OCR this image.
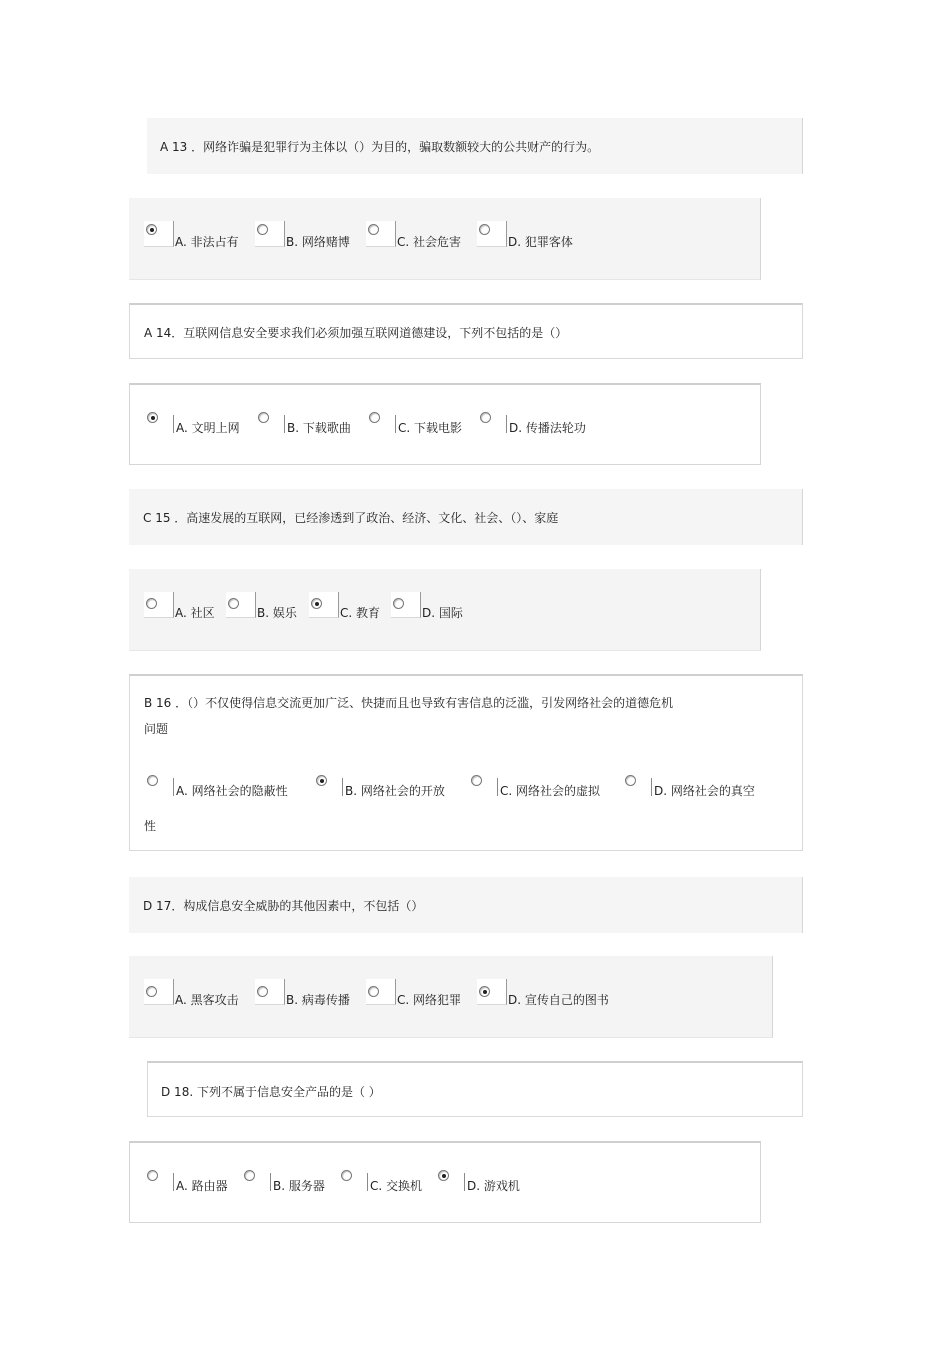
A 13 ．网络诈骗是犯罪行为主体以（）为目的，骗取数额较大的公共财产的行为。
A. 非法占有	B. 网络赌博	C. 社会危害	D. 犯罪客体
A 14．互联网信息安全要求我们必须加强互联网道德建设，下列不包括的是（）
A. 文明上网	B. 下载歌曲	C. 下载电影	D. 传播法轮功
C 15 ．高速发展的互联网，已经渗透到了政治、经济、文化、社会、（）、家庭
A. 社区	B. 娱乐	C. 教育	D. 国际
B 16 ．（）不仅使得信息交流更加广泛、快捷而且也导致有害信息的泛滥，引发网络社会的道德危机
问题
A. 网络社会的隐蔽性	B. 网络社会的开放	C. 网络社会的虚拟	D. 网络社会的真空
性
D 17．构成信息安全威胁的其他因素中，不包括（）
A. 黑客攻击	B. 病毒传播	C. 网络犯罪	D. 宣传自己的图书
D 18. 下列不属于信息安全产品的是（ ）
A. 路由器	B. 服务器	C. 交换机	D. 游戏机
